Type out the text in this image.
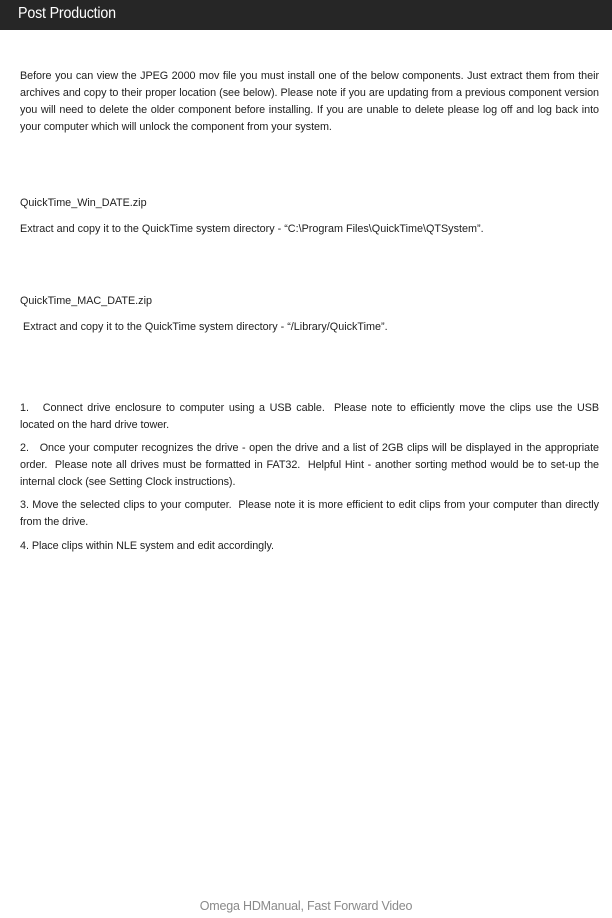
Post Production

Before you can view the JPEG 2000 mov file you must install one of the below components. Just extract them from their archives and copy to their proper location (see below). Please note if you are updating from a previous component version you will need to delete the older component before installing. If you are unable to delete please log off and log back into your computer which will unlock the component from your system.

QuickTime_Win_DATE.zip

Extract and copy it to the QuickTime system directory - “C:\Program Files\QuickTime\QTSystem”.

QuickTime_MAC_DATE.zip

Extract and copy it to the QuickTime system directory - “/Library/QuickTime”.

1.   Connect drive enclosure to computer using a USB cable.  Please note to efficiently move the clips use the USB located on the hard drive tower.

2.   Once your computer recognizes the drive - open the drive and a list of 2GB clips will be displayed in the appropriate order.  Please note all drives must be formatted in FAT32.  Helpful Hint - another sorting method would be to set-up the internal clock (see Setting Clock instructions).

3. Move the selected clips to your computer.  Please note it is more efficient to edit clips from your computer than directly from the drive.

4. Place clips within NLE system and edit accordingly.

Omega HDManual, Fast Forward Video
